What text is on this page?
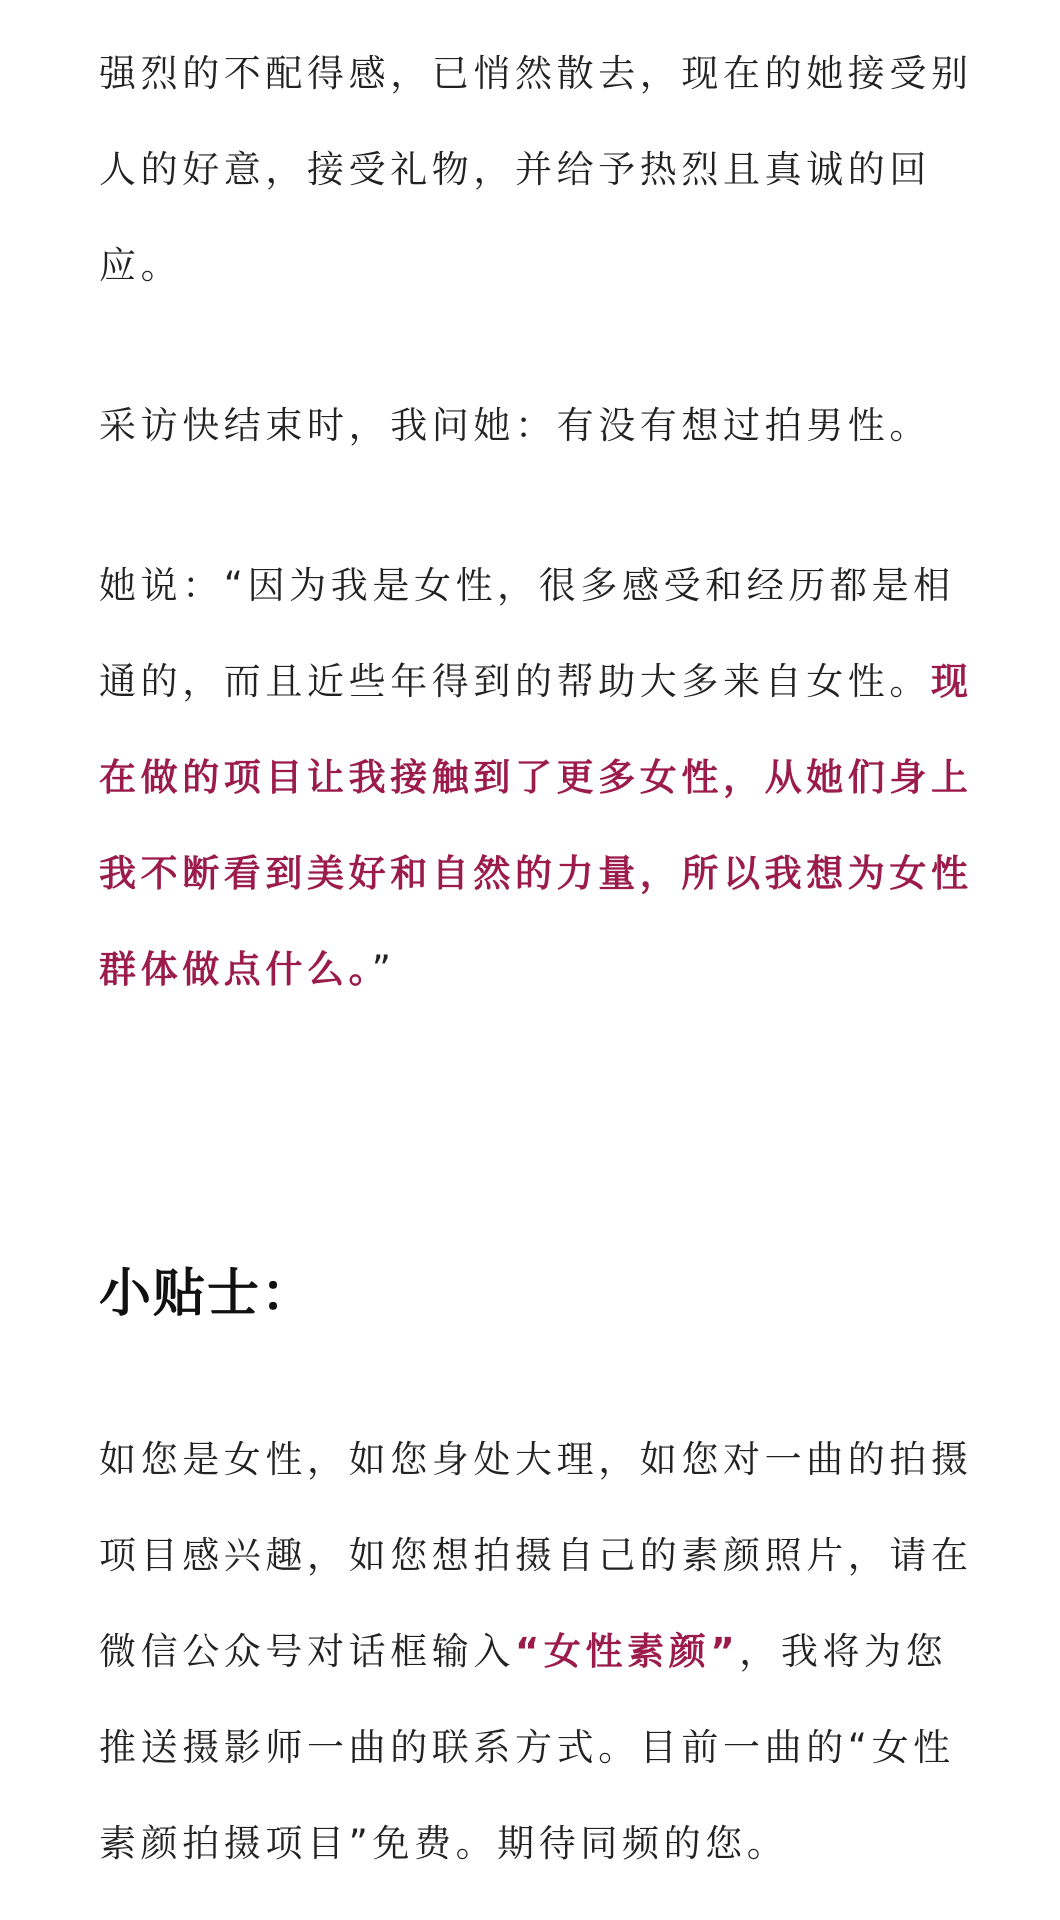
强烈的不配得感，已悄然散去，现在的她接受别人的好意，接受礼物，并给予热烈且真诚的回应。

采访快结束时，我问她：有没有想过拍男性。

她说：“因为我是女性，很多感受和经历都是相通的，而且近些年得到的帮助大多来自女性。现在做的项目让我接触到了更多女性，从她们身上我不断看到美好和自然的力量，所以我想为女性群体做点什么。”

小贴士：

如您是女性，如您身处大理，如您对一曲的拍摄项目感兴趣，如您想拍摄自己的素颜照片，请在微信公众号对话框输入“女性素颜”，我将为您推送摄影师一曲的联系方式。目前一曲的“女性素颜拍摄项目”免费。期待同频的您。
